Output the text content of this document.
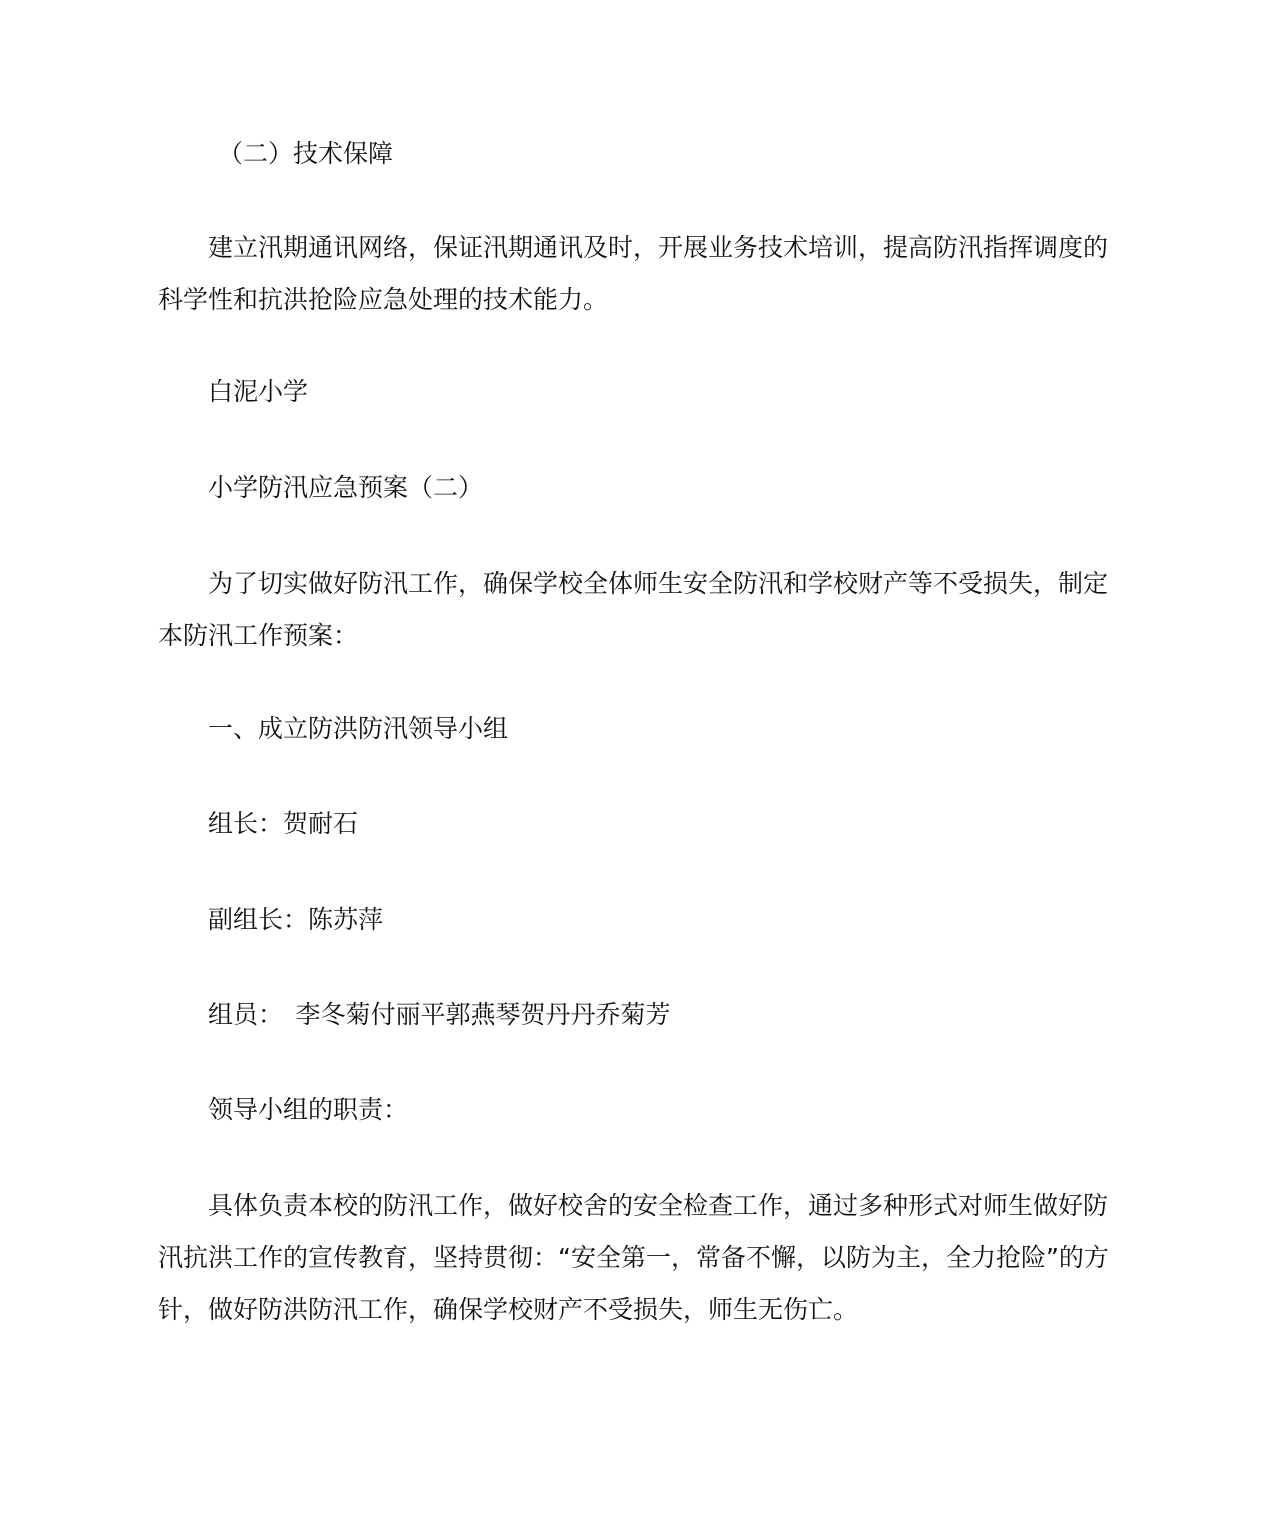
（二）技术保障

建立汛期通讯网络，保证汛期通讯及时，开展业务技术培训，提高防汛指挥调度的科学性和抗洪抢险应急处理的技术能力。

白泥小学

小学防汛应急预案（二）

为了切实做好防汛工作，确保学校全体师生安全防汛和学校财产等不受损失，制定本防汛工作预案：

一、成立防洪防汛领导小组

组长：贺耐石

副组长：陈苏萍

组员：　李冬菊付丽平郭燕琴贺丹丹乔菊芳

领导小组的职责：

具体负责本校的防汛工作，做好校舍的安全检查工作，通过多种形式对师生做好防汛抗洪工作的宣传教育，坚持贯彻：“安全第一，常备不懈，以防为主，全力抢险”的方针，做好防洪防汛工作，确保学校财产不受损失，师生无伤亡。
